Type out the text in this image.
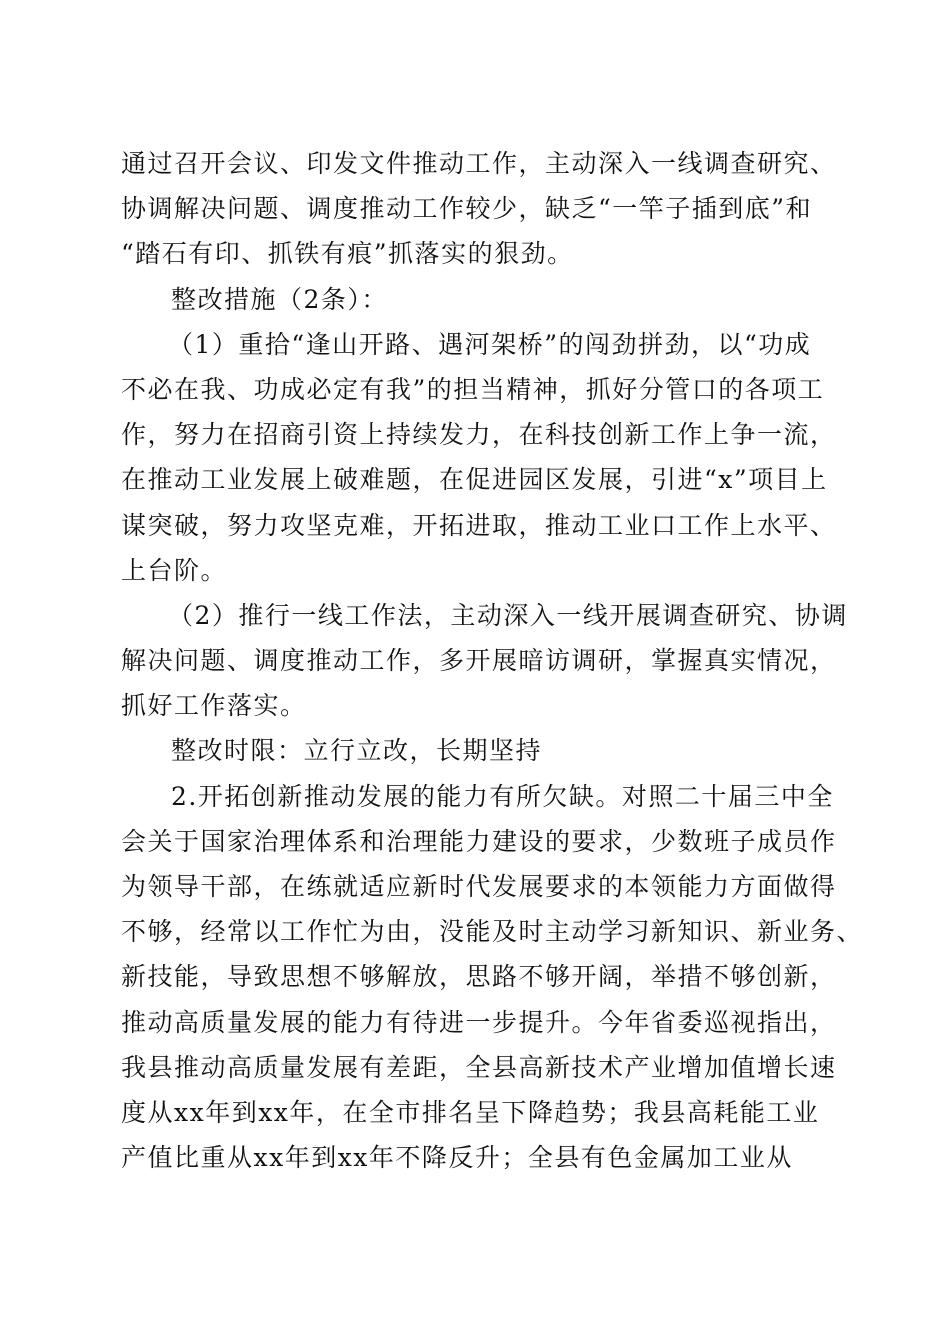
通过召开会议、印发文件推动工作，主动深入一线调查研究、
协调解决问题、调度推动工作较少，缺乏“一竿子插到底”和
“踏石有印、抓铁有痕”抓落实的狠劲。
整改措施（2条）：
（1）重拾“逢山开路、遇河架桥”的闯劲拼劲，以“功成
不必在我、功成必定有我”的担当精神，抓好分管口的各项工
作，努力在招商引资上持续发力，在科技创新工作上争一流，
在推动工业发展上破难题，在促进园区发展，引进“x”项目上
谋突破，努力攻坚克难，开拓进取，推动工业口工作上水平、
上台阶。
（2）推行一线工作法，主动深入一线开展调查研究、协调
解决问题、调度推动工作，多开展暗访调研，掌握真实情况，
抓好工作落实。
整改时限：立行立改，长期坚持
2.开拓创新推动发展的能力有所欠缺。对照二十届三中全
会关于国家治理体系和治理能力建设的要求，少数班子成员作
为领导干部，在练就适应新时代发展要求的本领能力方面做得
不够，经常以工作忙为由，没能及时主动学习新知识、新业务、
新技能，导致思想不够解放，思路不够开阔，举措不够创新，
推动高质量发展的能力有待进一步提升。今年省委巡视指出，
我县推动高质量发展有差距，全县高新技术产业增加值增长速
度从xx年到xx年，在全市排名呈下降趋势；我县高耗能工业
产值比重从xx年到xx年不降反升；全县有色金属加工业从
